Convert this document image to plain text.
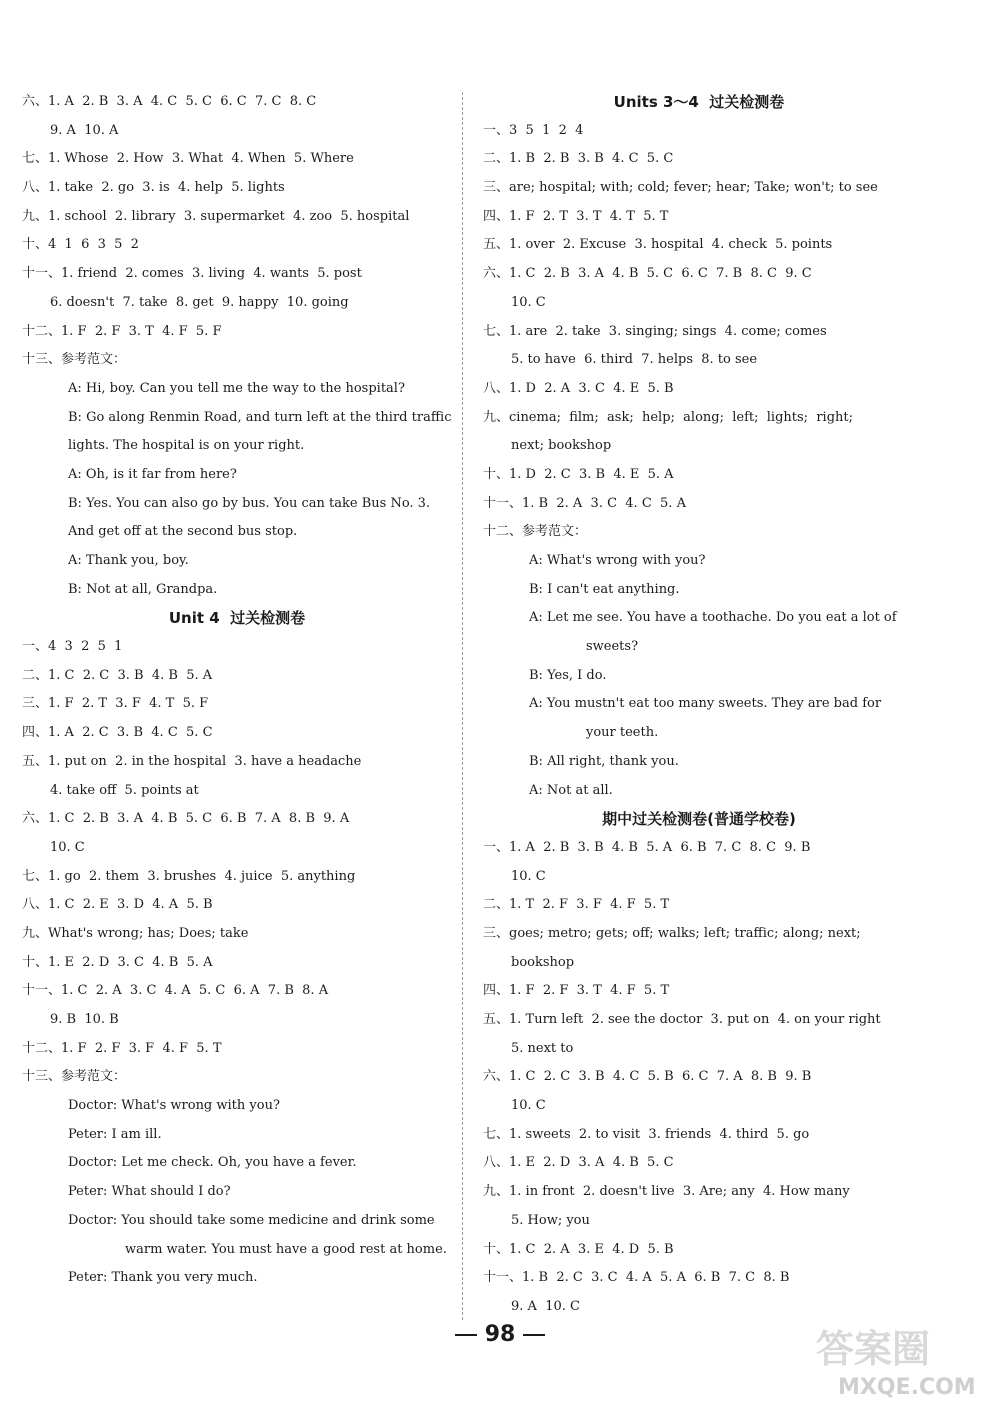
六、1. A  2. B  3. A  4. C  5. C  6. C  7. C  8. C
9. A  10. A
七、1. Whose  2. How  3. What  4. When  5. Where
八、1. take  2. go  3. is  4. help  5. lights
九、1. school  2. library  3. supermarket  4. zoo  5. hospital
十、4  1  6  3  5  2
十一、1. friend  2. comes  3. living  4. wants  5. post
6. doesn't  7. take  8. get  9. happy  10. going
十二、1. F  2. F  3. T  4. F  5. F
十三、参考范文：
A: Hi, boy. Can you tell me the way to the hospital?
B: Go along Renmin Road, and turn left at the third traffic
lights. The hospital is on your right.
A: Oh, is it far from here?
B: Yes. You can also go by bus. You can take Bus No. 3.
And get off at the second bus stop.
A: Thank you, boy.
B: Not at all, Grandpa.
Unit 4  过关检测卷
一、4  3  2  5  1
二、1. C  2. C  3. B  4. B  5. A
三、1. F  2. T  3. F  4. T  5. F
四、1. A  2. C  3. B  4. C  5. C
五、1. put on  2. in the hospital  3. have a headache
4. take off  5. points at
六、1. C  2. B  3. A  4. B  5. C  6. B  7. A  8. B  9. A
10. C
七、1. go  2. them  3. brushes  4. juice  5. anything
八、1. C  2. E  3. D  4. A  5. B
九、What's wrong; has; Does; take
十、1. E  2. D  3. C  4. B  5. A
十一、1. C  2. A  3. C  4. A  5. C  6. A  7. B  8. A
9. B  10. B
十二、1. F  2. F  3. F  4. F  5. T
十三、参考范文：
Doctor: What's wrong with you?
Peter: I am ill.
Doctor: Let me check. Oh, you have a fever.
Peter: What should I do?
Doctor: You should take some medicine and drink some
warm water. You must have a good rest at home.
Peter: Thank you very much.
Units 3～4  过关检测卷
一、3  5  1  2  4
二、1. B  2. B  3. B  4. C  5. C
三、are; hospital; with; cold; fever; hear; Take; won't; to see
四、1. F  2. T  3. T  4. T  5. T
五、1. over  2. Excuse  3. hospital  4. check  5. points
六、1. C  2. B  3. A  4. B  5. C  6. C  7. B  8. C  9. C
10. C
七、1. are  2. take  3. singing; sings  4. come; comes
5. to have  6. third  7. helps  8. to see
八、1. D  2. A  3. C  4. E  5. B
九、cinema;  film;  ask;  help;  along;  left;  lights;  right;
next; bookshop
十、1. D  2. C  3. B  4. E  5. A
十一、1. B  2. A  3. C  4. C  5. A
十二、参考范文：
A: What's wrong with you?
B: I can't eat anything.
A: Let me see. You have a toothache. Do you eat a lot of
sweets?
B: Yes, I do.
A: You mustn't eat too many sweets. They are bad for
your teeth.
B: All right, thank you.
A: Not at all.
期中过关检测卷(普通学校卷)
一、1. A  2. B  3. B  4. B  5. A  6. B  7. C  8. C  9. B
10. C
二、1. T  2. F  3. F  4. F  5. T
三、goes; metro; gets; off; walks; left; traffic; along; next;
bookshop
四、1. F  2. F  3. T  4. F  5. T
五、1. Turn left  2. see the doctor  3. put on  4. on your right
5. next to
六、1. C  2. C  3. B  4. C  5. B  6. C  7. A  8. B  9. B
10. C
七、1. sweets  2. to visit  3. friends  4. third  5. go
八、1. E  2. D  3. A  4. B  5. C
九、1. in front  2. doesn't live  3. Are; any  4. How many
5. How; you
十、1. C  2. A  3. E  4. D  5. B
十一、1. B  2. C  3. C  4. A  5. A  6. B  7. C  8. B
9. A  10. C
98	答案圈
MXQE.COM
